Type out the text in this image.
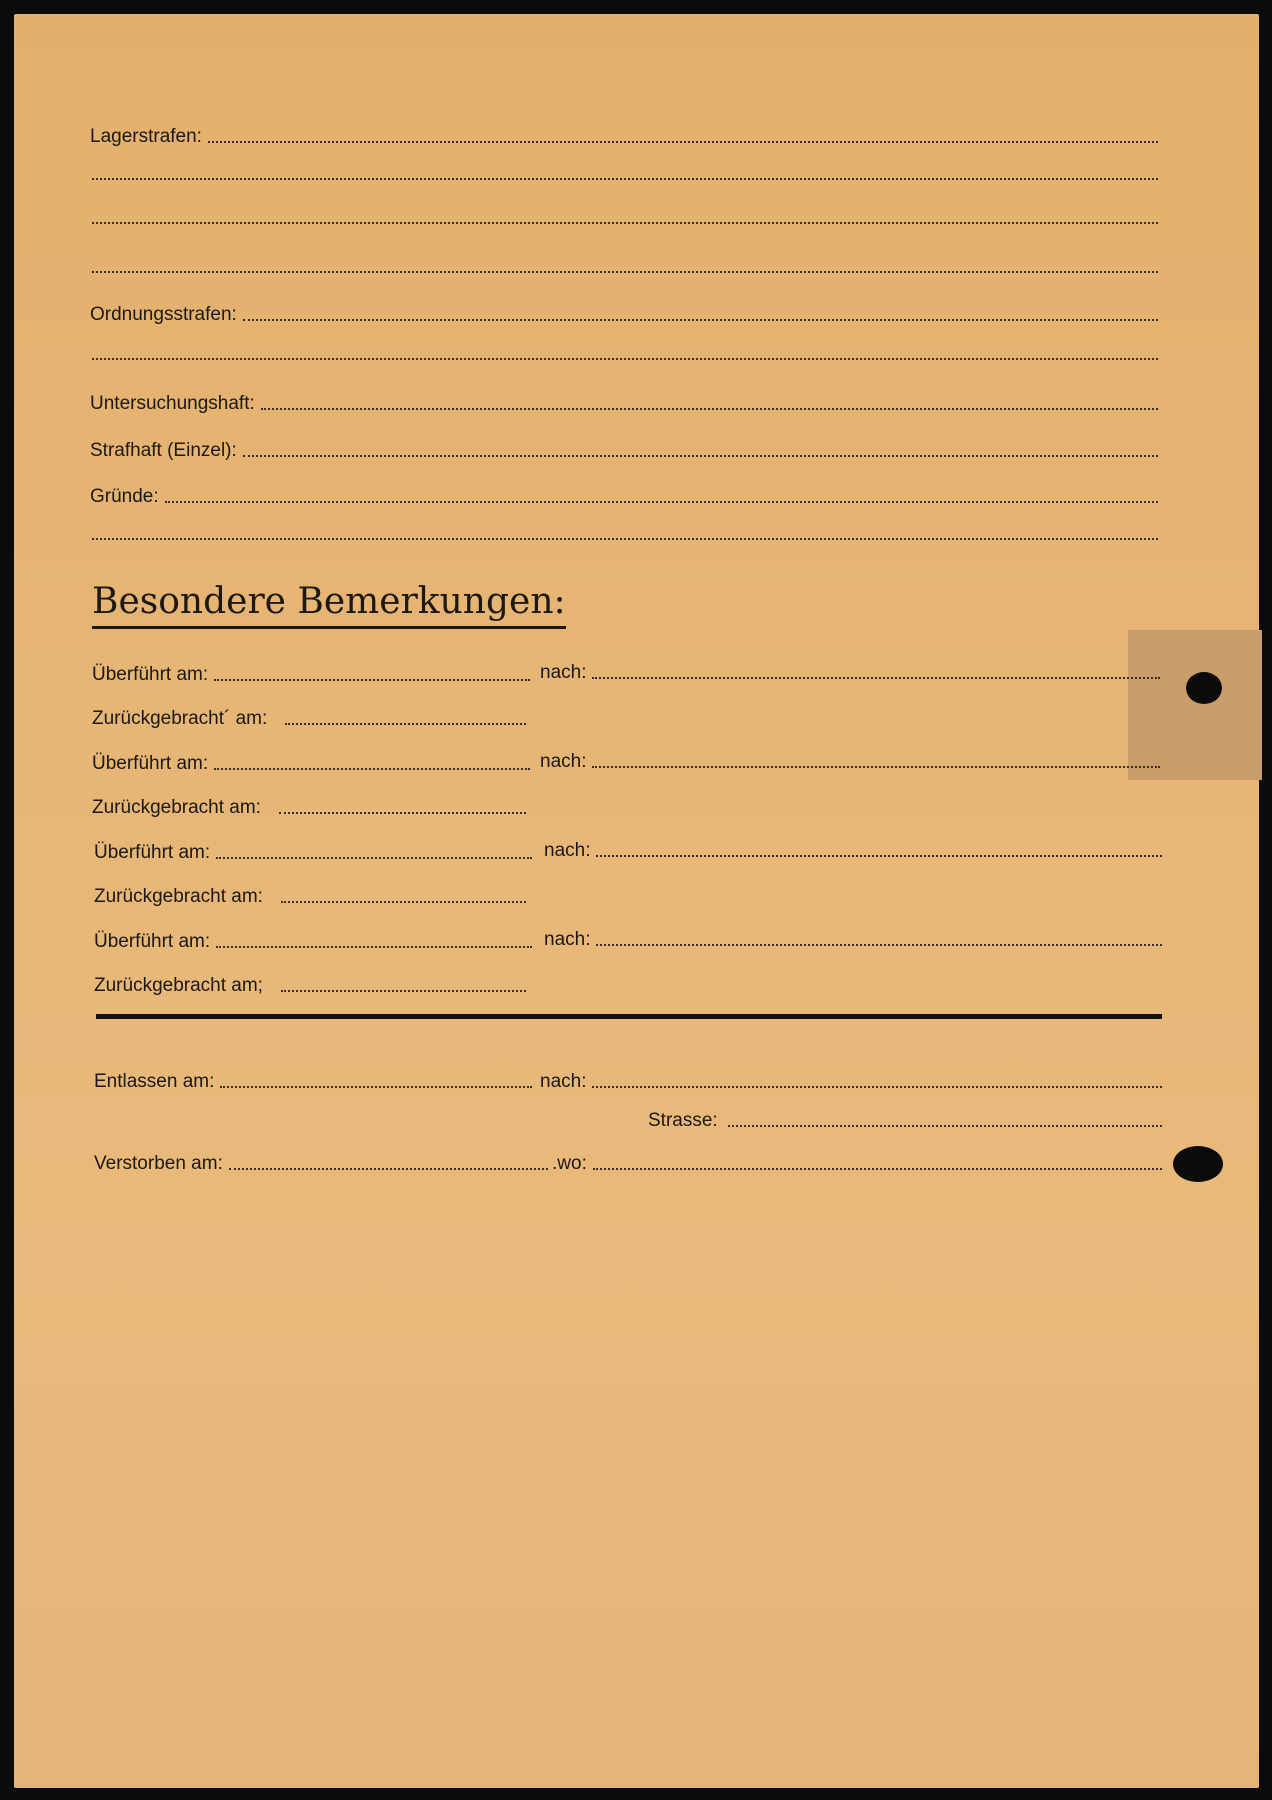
Lagerstrafen:
Ordnungsstrafen:
Untersuchungshaft:
Strafhaft (Einzel):
Gründe:
Besondere Bemerkungen:
Überführt am:	nach:
Zurückgebracht´ am:
Überführt am:	nach:
Zurückgebracht am:
Überführt am:	nach:
Zurückgebracht am:
Überführt am:	nach:
Zurückgebracht am;
Entlassen am:	nach:
Strasse:
Verstorben am:	.wo:
